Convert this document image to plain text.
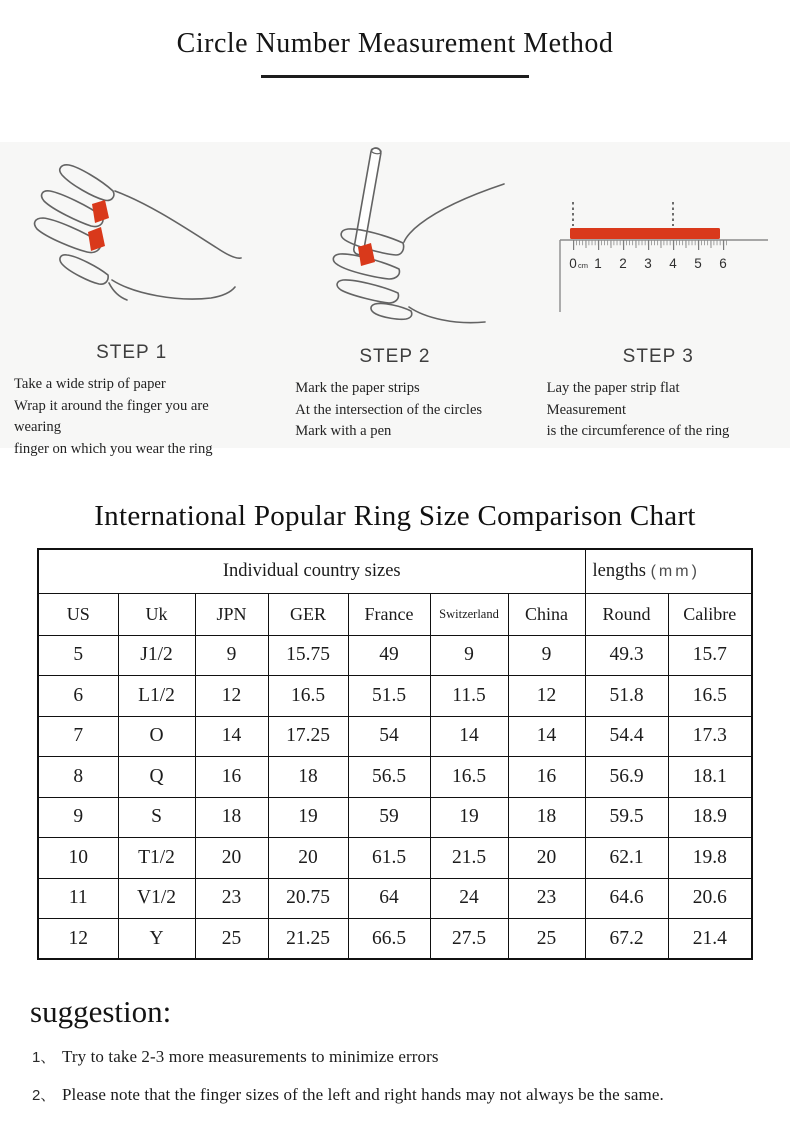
Circle Number Measurement Method
STEP 1
Take a wide strip of paper
Wrap it around the finger you are wearing
finger on which you wear the ring
STEP 2
Mark the paper strips
At the intersection of the circles
Mark with a pen
0 cm 1 2 3 4 5 6
STEP 3
Lay the paper strip flat
Measurement
is the circumference of the ring
International Popular Ring Size Comparison Chart
Individual country sizes							lengths (mm)	
US	Uk	JPN	GER	France	Switzerland	China	Round	Calibre
5	J1/2	9	15.75	49	9	9	49.3	15.7
6	L1/2	12	16.5	51.5	11.5	12	51.8	16.5
7	O	14	17.25	54	14	14	54.4	17.3
8	Q	16	18	56.5	16.5	16	56.9	18.1
9	S	18	19	59	19	18	59.5	18.9
10	T1/2	20	20	61.5	21.5	20	62.1	19.8
11	V1/2	23	20.75	64	24	23	64.6	20.6
12	Y	25	21.25	66.5	27.5	25	67.2	21.4
suggestion:
1、 Try to take 2-3 more measurements to minimize errors
2、 Please note that the finger sizes of the left and right hands may not always be the same.
